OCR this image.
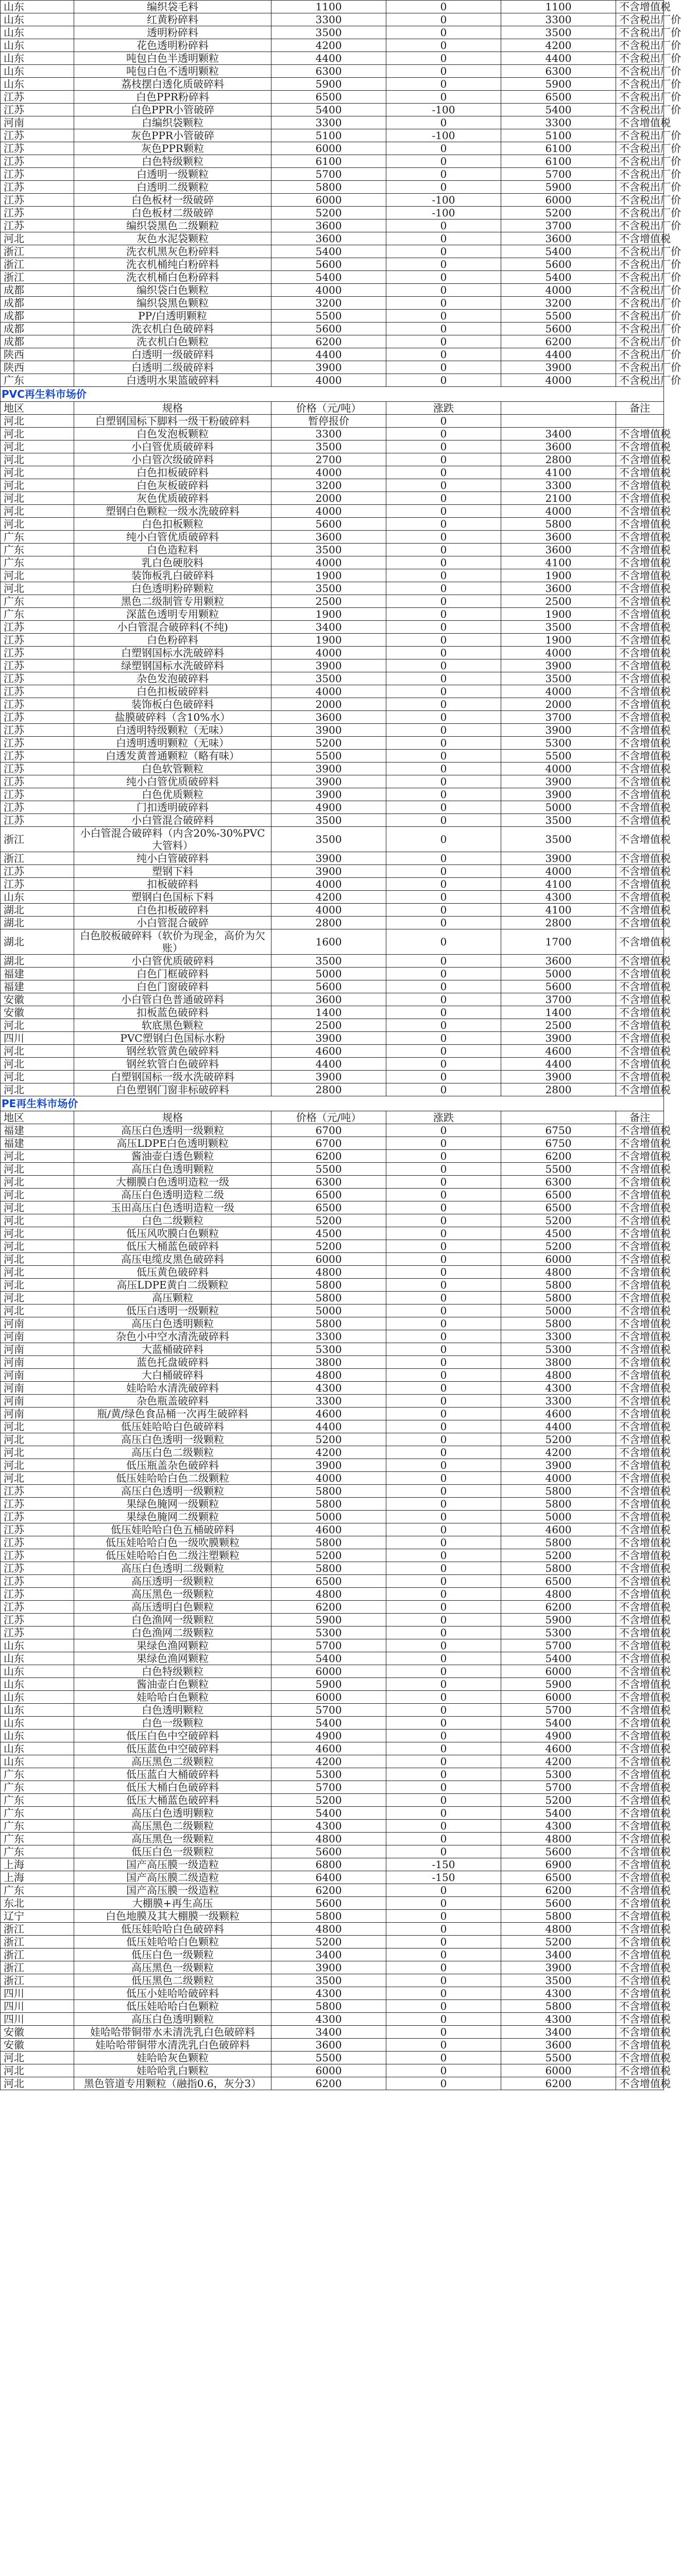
山东	编织袋毛料	1100	0	1100	不含增值税
山东	红黄粉碎料	3300	0	3300	不含税出厂价
山东	透明粉碎料	3500	0	3500	不含税出厂价
山东	花色透明粉碎料	4200	0	4200	不含税出厂价
山东	吨包白色半透明颗粒	4400	0	4400	不含税出厂价
山东	吨包白色不透明颗粒	6300	0	6300	不含税出厂价
山东	荔枝摆白透化质破碎料	5900	0	5900	不含税出厂价
江苏	白色PPR粉碎料	6500	0	6500	不含税出厂价
江苏	白色PPR小管破碎	5400	-100	5400	不含税出厂价
河南	白编织袋颗粒	3300	0	3300	不含增值税
江苏	灰色PPR小管破碎	5100	-100	5100	不含税出厂价
江苏	灰色PPR颗粒	6000	0	6100	不含税出厂价
江苏	白色特级颗粒	6100	0	6100	不含税出厂价
江苏	白透明一级颗粒	5700	0	5700	不含税出厂价
江苏	白透明二级颗粒	5800	0	5900	不含税出厂价
江苏	白色板材一级破碎	6000	-100	6000	不含税出厂价
江苏	白色板材二级破碎	5200	-100	5200	不含税出厂价
江苏	编织袋黑色二级颗粒	3600	0	3700	不含税出厂价
河北	灰色水泥袋颗粒	3600	0	3600	不含增值税
浙江	洗衣机黑灰色粉碎料	5400	0	5400	不含税出厂价
浙江	洗衣机桶纯白粉碎料	5600	0	5600	不含税出厂价
浙江	洗衣机桶白色粉碎料	5400	0	5400	不含税出厂价
成都	编织袋白色颗粒	4000	0	4000	不含税出厂价
成都	编织袋黑色颗粒	3200	0	3200	不含税出厂价
成都	PP/白透明颗粒	5500	0	5500	不含税出厂价
成都	洗衣机白色破碎料	5600	0	5600	不含税出厂价
成都	洗衣机白色颗粒	6200	0	6200	不含税出厂价
陕西	白透明一级破碎料	4400	0	4400	不含税出厂价
陕西	白透明二级破碎料	3900	0	3900	不含税出厂价
广东	白透明水果篮破碎料	4000	0	4000	不含税出厂价
PVC再生料市场价
地区	规格	价格（元/吨）	涨跌		备注
河北	白塑钢国标下脚料一级干粉破碎料	暂停报价	0		
河北	白色发泡板颗粒	3300	0	3400	不含增值税
河北	小白管优质破碎料	3500	0	3600	不含增值税
河北	小白管次级破碎料	2700	0	2800	不含增值税
河北	白色扣板破碎料	4000	0	4100	不含增值税
河北	白色灰板破碎料	3200	0	3300	不含增值税
河北	灰色优质破碎料	2000	0	2100	不含增值税
河北	塑钢白色颗粒一级水洗破碎料	4000	0	4000	不含增值税
河北	白色扣板颗粒	5600	0	5800	不含增值税
广东	纯小白管优质破碎料	3600	0	3600	不含增值税
广东	白色造粒料	3500	0	3600	不含增值税
广东	乳白色硬胶料	4000	0	4100	不含增值税
河北	装饰板乳白破碎料	1900	0	1900	不含增值税
河北	白色透明粉碎颗粒	3500	0	3600	不含增值税
广东	黑色二级制管专用颗粒	2500	0	2500	不含增值税
广东	深蓝色透明专用颗粒	1900	0	1900	不含增值税
江苏	小白管混合破碎料(不纯)	3400	0	3500	不含增值税
江苏	白色粉碎料	1900	0	1900	不含增值税
江苏	白塑钢国标水洗破碎料	4000	0	4000	不含增值税
江苏	绿塑钢国标水洗破碎料	3900	0	3900	不含增值税
江苏	杂色发泡破碎料	3500	0	3500	不含增值税
江苏	白色扣板破碎料	4000	0	4000	不含增值税
江苏	装饰板白色破碎料	2000	0	2000	不含增值税
江苏	盐膜破碎料（含10%水）	3600	0	3700	不含增值税
江苏	白透明特级颗粒（无味）	3900	0	3900	不含增值税
江苏	白透明透明颗粒（无味）	5200	0	5300	不含增值税
江苏	白透发黄普通颗粒（略有味）	5500	0	5500	不含增值税
江苏	白色软管颗粒	3900	0	4000	不含增值税
江苏	纯小白管优质破碎料	3900	0	3900	不含增值税
江苏	白色优质颗粒	3900	0	3900	不含增值税
江苏	门扣透明破碎料	4900	0	5000	不含增值税
江苏	小白管混合破碎料	3500	0	3500	不含增值税
浙江	小白管混合破碎料（内含20%-30%PVC大管料）	3500	0	3500	不含增值税
浙江	纯小白管破碎料	3900	0	3900	不含增值税
江苏	塑钢下料	3900	0	4000	不含增值税
江苏	扣板破碎料	4000	0	4100	不含增值税
山东	塑钢白色国标下料	4200	0	4300	不含增值税
湖北	白色扣板破碎料	4000	0	4100	不含增值税
湖北	小白管混合破碎	2800	0	2800	不含增值税
湖北	白色胶板破碎料（软价为现金，高价为欠账）	1600	0	1700	不含增值税
湖北	小白管优质破碎料	3500	0	3600	不含增值税
福建	白色门框破碎料	5000	0	5000	不含增值税
福建	白色门窗破碎料	5600	0	5600	不含增值税
安徽	小白管白色普通破碎料	3600	0	3700	不含增值税
安徽	扣板蓝色破碎料	1400	0	1400	不含增值税
河北	软底黑色颗粒	2500	0	2500	不含增值税
四川	PVC塑钢白色国标水粉	3900	0	3900	不含增值税
河北	钢丝软管黄色破碎料	4600	0	4600	不含增值税
河北	钢丝软管白色破碎料	4400	0	4400	不含增值税
河北	白塑钢国标一级水洗破碎料	3900	0	3900	不含增值税
河北	白色塑钢门窗非标破碎料	2800	0	2800	不含增值税
PE再生料市场价
地区	规格	价格（元/吨）	涨跌		备注
福建	高压白色透明一级颗粒	6700	0	6750	不含增值税
福建	高压LDPE白色透明颗粒	6700	0	6750	不含增值税
河北	酱油壶白透色颗粒	6200	0	6200	不含增值税
河北	高压白色透明颗粒	5500	0	5500	不含增值税
河北	大棚膜白色透明造粒一级	6300	0	6300	不含增值税
河北	高压白色透明造粒二级	6500	0	6500	不含增值税
河北	玉田高压白色透明造粒一级	6500	0	6500	不含增值税
河北	白色二级颗粒	5200	0	5200	不含增值税
河北	低压风吹膜白色颗粒	4500	0	4500	不含增值税
河北	低压大桶蓝色破碎料	5200	0	5200	不含增值税
河北	高压电缆皮黑色破碎料	6000	0	6000	不含增值税
河北	低压黄色破碎料	4800	0	4800	不含增值税
河北	高压LDPE黄白二级颗粒	5800	0	5800	不含增值税
河北	高压颗粒	5800	0	5800	不含增值税
河北	低压白透明一级颗粒	5000	0	5000	不含增值税
河南	高压白色透明颗粒	5800	0	5800	不含增值税
河南	杂色小中空水清洗破碎料	3300	0	3300	不含增值税
河南	大蓝桶破碎料	5300	0	5300	不含增值税
河南	蓝色托盘破碎料	3800	0	3800	不含增值税
河南	大白桶破碎料	4800	0	4800	不含增值税
河南	娃哈哈水清洗破碎料	4300	0	4300	不含增值税
河南	杂色瓶盖破碎料	3300	0	3300	不含增值税
河南	瓶/黄/绿色食品桶一次再生破碎料	4600	0	4600	不含增值税
河北	低压娃哈哈白色破碎料	4400	0	4400	不含增值税
河北	高压白色透明一级颗粒	5200	0	5200	不含增值税
河北	高压白色二级颗粒	4200	0	4200	不含增值税
河北	低压瓶盖杂色破碎料	3900	0	3900	不含增值税
河北	低压娃哈哈白色二级颗粒	4000	0	4000	不含增值税
江苏	高压白色透明一级颗粒	5800	0	5800	不含增值税
江苏	果绿色腌网一级颗粒	5800	0	5800	不含增值税
江苏	果绿色腌网二级颗粒	5000	0	5000	不含增值税
江苏	低压娃哈哈白色五桶破碎料	4600	0	4600	不含增值税
江苏	低压娃哈哈白色一级吹膜颗粒	5800	0	5800	不含增值税
江苏	低压娃哈哈白色二级注塑颗粒	5200	0	5200	不含增值税
江苏	高压白色透明二级颗粒	5800	0	5800	不含增值税
江苏	高压透明一级颗粒	6500	0	6500	不含增值税
江苏	高压黑色一级颗粒	4800	0	4800	不含增值税
江苏	高压透明白色颗粒	6200	0	6200	不含增值税
江苏	白色渔网一级颗粒	5900	0	5900	不含增值税
江苏	白色渔网二级颗粒	5300	0	5300	不含增值税
山东	果绿色渔网颗粒	5700	0	5700	不含增值税
山东	果绿色渔网颗粒	5400	0	5400	不含增值税
山东	白色特级颗粒	6000	0	6000	不含增值税
山东	酱油壶白色颗粒	5900	0	5900	不含增值税
山东	娃哈哈白色颗粒	6000	0	6000	不含增值税
山东	白色透明颗粒	5700	0	5700	不含增值税
山东	白色一级颗粒	5400	0	5400	不含增值税
山东	低压白色中空破碎料	4900	0	4900	不含增值税
山东	低压蓝色中空破碎料	4600	0	4600	不含增值税
山东	高压黑色二级颗粒	4200	0	4200	不含增值税
广东	低压蓝白大桶破碎料	5300	0	5300	不含增值税
广东	低压大桶白色破碎料	5700	0	5700	不含增值税
广东	低压大桶蓝色破碎料	5200	0	5200	不含增值税
广东	高压白色透明颗粒	5400	0	5400	不含增值税
广东	高压黑色二级颗粒	4300	0	4300	不含增值税
广东	高压黑色一级颗粒	4800	0	4800	不含增值税
广东	低压白色一级颗粒	5600	0	5600	不含增值税
上海	国产高压膜一级造粒	6800	-150	6900	不含增值税
上海	国产高压膜二级造粒	6400	-150	6500	不含增值税
广东	国产高压膜一级造粒	6200	0	6200	不含增值税
东北	大棚膜+再生高压	5600	0	5600	不含增值税
辽宁	白色地膜及其大棚膜一级颗粒	5800	0	5800	不含增值税
浙江	低压娃哈哈白色破碎料	4800	0	4800	不含增值税
浙江	低压娃哈哈白色颗粒	5200	0	5200	不含增值税
浙江	低压白色一级颗粒	3400	0	3400	不含增值税
浙江	高压黑色一级颗粒	3900	0	3900	不含增值税
浙江	低压黑色二级颗粒	3500	0	3500	不含增值税
四川	低压小娃哈哈破碎料	4300	0	4300	不含增值税
四川	低压娃哈哈白色颗粒	5800	0	5800	不含增值税
四川	高压白色透明颗粒	4300	0	4300	不含增值税
安徽	娃哈哈带铜带水未清洗乳白色破碎料	3400	0	3400	不含增值税
安徽	娃哈哈带铜带水清洗乳白色破碎料	3600	0	3600	不含增值税
河北	娃哈哈灰色颗粒	5500	0	5500	不含增值税
河北	娃哈哈乳白颗粒	6000	0	6000	不含增值税
河北	黑色管道专用颗粒（融指0.6，灰分3）	6200	0	6200	不含增值税
